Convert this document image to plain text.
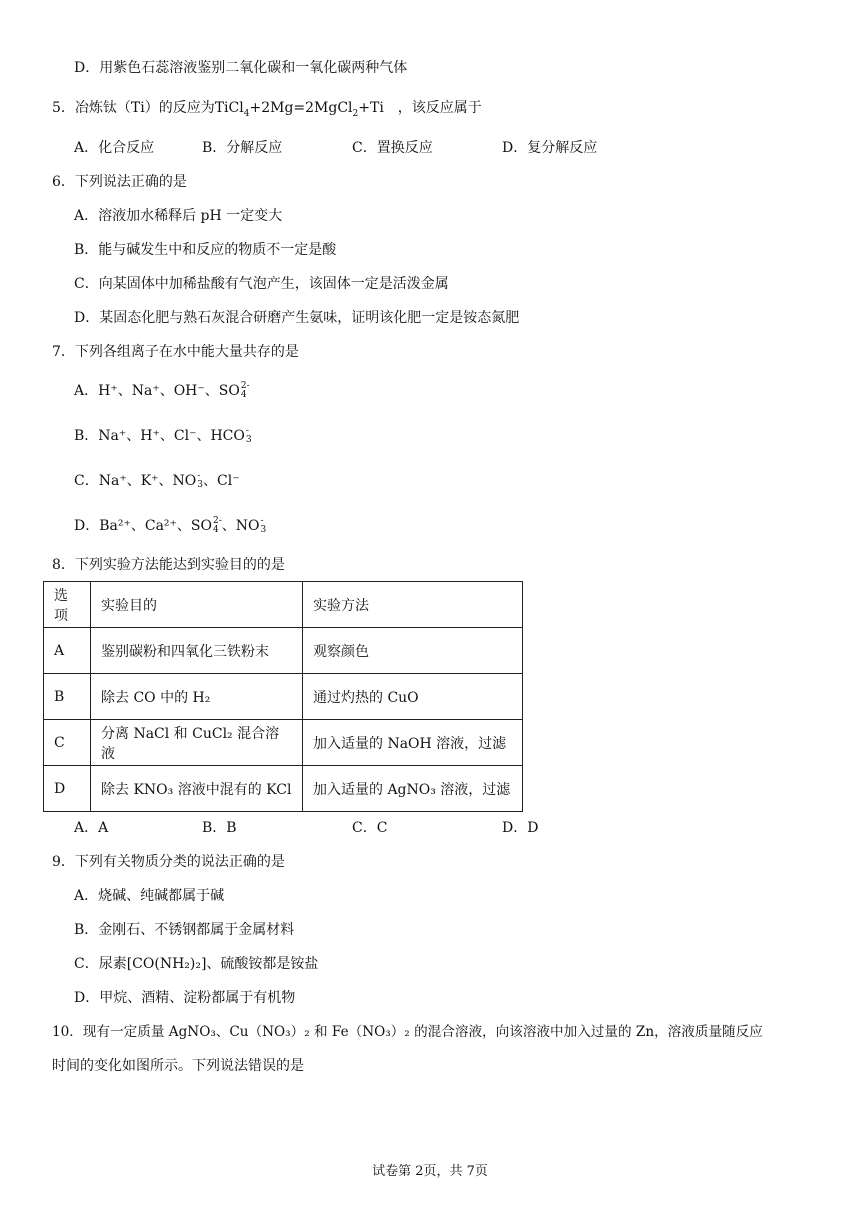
D．用紫色石蕊溶液鉴别二氧化碳和一氧化碳两种气体
5．冶炼钛（Ti）的反应为TiCl$_4$+2Mg=2MgCl$_2$+Ti　，该反应属于
A．化合反应	B．分解反应	C．置换反应	D．复分解反应
6．下列说法正确的是
A．溶液加水稀释后 pH 一定变大
B．能与碱发生中和反应的物质不一定是酸
C．向某固体中加稀盐酸有气泡产生，该固体一定是活泼金属
D．某固态化肥与熟石灰混合研磨产生氨味，证明该化肥一定是铵态氮肥
7．下列各组离子在水中能大量共存的是
A．H⁺、Na⁺、OH⁻、SO 2-
4
B．Na⁺、H⁺、Cl⁻、HCO -
3
C．Na⁺、K⁺、NO -
3 、Cl⁻
D．Ba²⁺、Ca²⁺、SO 2-
4 、NO -
3
8．下列实验方法能达到实验目的的是
选项	实验目的	实验方法
A	鉴别碳粉和四氧化三铁粉末	观察颜色
B	除去 CO 中的 H₂	通过灼热的 CuO
C	分离 NaCl 和 CuCl₂ 混合溶液	加入适量的 NaOH 溶液，过滤
D	除去 KNO₃ 溶液中混有的 KCl	加入适量的 AgNO₃ 溶液，过滤
A．A	B．B	C．C	D．D
9．下列有关物质分类的说法正确的是
A．烧碱、纯碱都属于碱
B．金刚石、不锈钢都属于金属材料
C．尿素[CO(NH₂)₂]、硫酸铵都是铵盐
D．甲烷、酒精、淀粉都属于有机物
10．现有一定质量 AgNO₃、Cu（NO₃）₂ 和 Fe（NO₃）₂ 的混合溶液，向该溶液中加入过量的 Zn，溶液质量随反应
时间的变化如图所示。下列说法错误的是
试卷第 2页，共 7页
